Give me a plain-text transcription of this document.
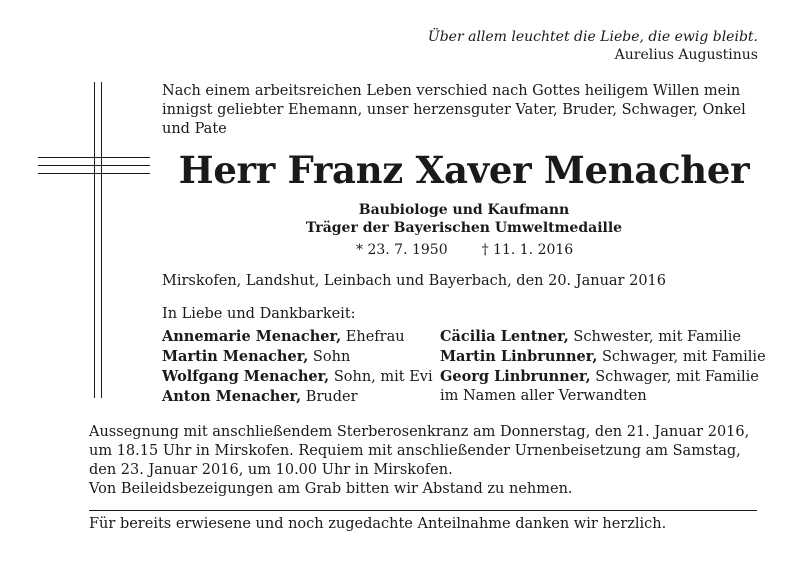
Über allem leuchtet die Liebe, die ewig bleibt.
Aurelius Augustinus
Nach einem arbeitsreichen Leben verschied nach Gottes heiligem Willen mein innigst geliebter Ehemann, unser herzensguter Vater, Bruder, Schwager, Onkel und Pate
Herr Franz Xaver Menacher
Baubiologe und Kaufmann
Träger der Bayerischen Umweltmedaille
* 23. 7. 1950 † 11. 1. 2016
Mirskofen, Landshut, Leinbach und Bayerbach, den 20. Januar 2016
In Liebe und Dankbarkeit:
Annemarie Menacher, Ehefrau
Martin Menacher, Sohn
Wolfgang Menacher, Sohn, mit Evi
Anton Menacher, Bruder
Cäcilia Lentner, Schwester, mit Familie
Martin Linbrunner, Schwager, mit Familie
Georg Linbrunner, Schwager, mit Familie
im Namen aller Verwandten
Aussegnung mit anschließendem Sterberosenkranz am Donnerstag, den 21. Januar 2016, um 18.15 Uhr in Mirskofen. Requiem mit anschließender Urnenbeisetzung am Samstag, den 23. Januar 2016, um 10.00 Uhr in Mirskofen.
Von Beileidsbezeigungen am Grab bitten wir Abstand zu nehmen.
Für bereits erwiesene und noch zugedachte Anteilnahme danken wir herzlich.
